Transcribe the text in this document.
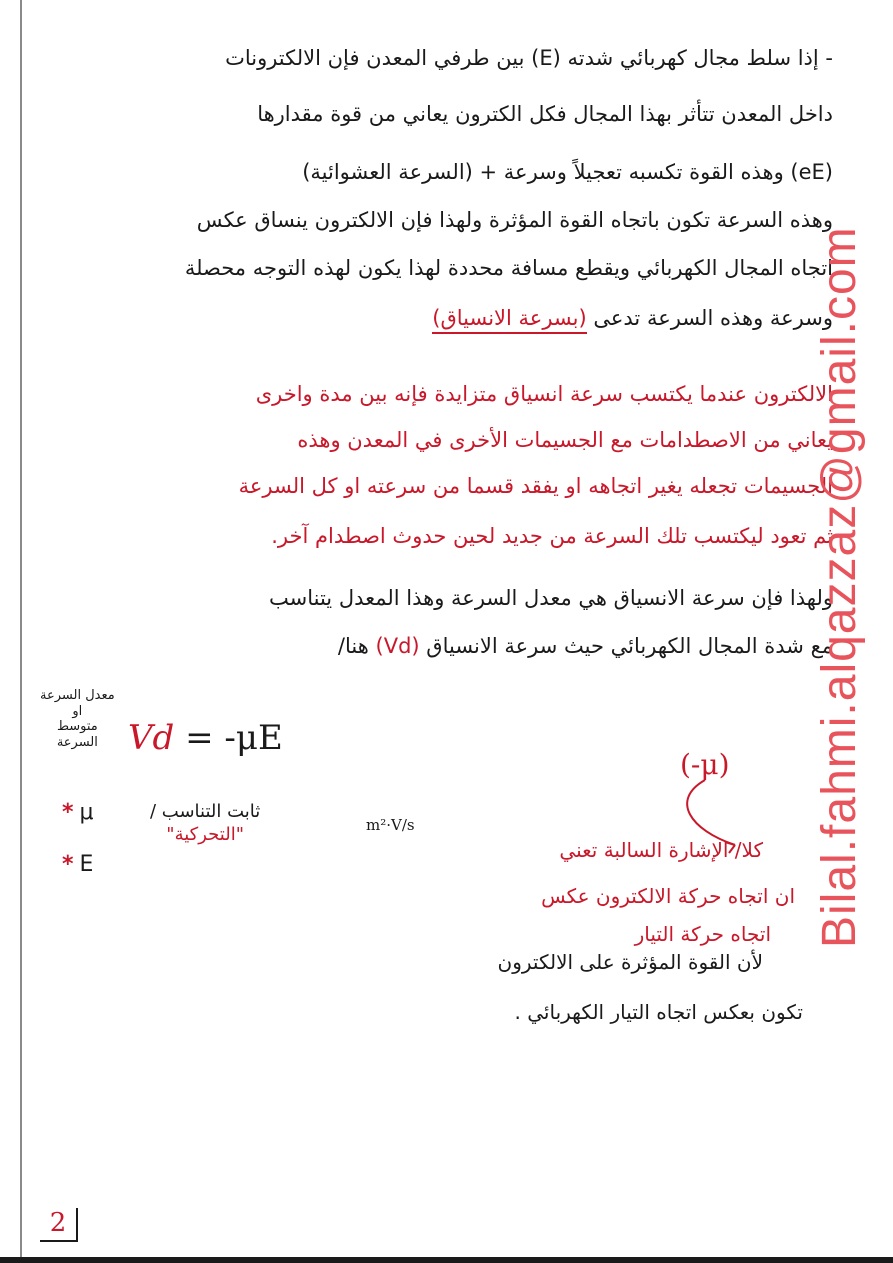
- إذا سلط مجال كهربائي شدته (E) بين طرفي المعدن فإن الالكترونات
داخل المعدن تتأثر بهذا المجال فكل الكترون يعاني من قوة مقدارها
(eE) وهذه القوة تكسبه تعجيلاً وسرعة + (السرعة العشوائية)
وهذه السرعة تكون باتجاه القوة المؤثرة ولهذا فإن الالكترون ينساق عكس
اتجاه المجال الكهربائي ويقطع مسافة محددة لهذا يكون لهذه التوجه محصلة
وسرعة وهذه السرعة تدعى (بسرعة الانسياق)
الالكترون عندما يكتسب سرعة انسياق متزايدة فإنه بين مدة واخرى
يعاني من الاصطدامات مع الجسيمات الأخرى في المعدن وهذه
الجسيمات تجعله يغير اتجاهه او يفقد قسما من سرعته او كل السرعة
ثم تعود ليكتسب تلك السرعة من جديد لحين حدوث اصطدام آخر.
ولهذا فإن سرعة الانسياق هي معدل السرعة وهذا المعدل يتناسب
مع شدة المجال الكهربائي حيث سرعة الانسياق (Vd) هنا/
معدل السرعة
او
متوسط
السرعة Vd = -μE
(-μ)
* μ	ثابت التناسب /
"التحركية"	m²·V/s
* E
كلا/ الإشارة السالبة تعني
ان اتجاه حركة الالكترون عكس
اتجاه حركة التيار
لأن القوة المؤثرة على الالكترون
تكون بعكس اتجاه التيار الكهربائي .
Bilal.fahmi.alqazzaz@gmail.com
2
